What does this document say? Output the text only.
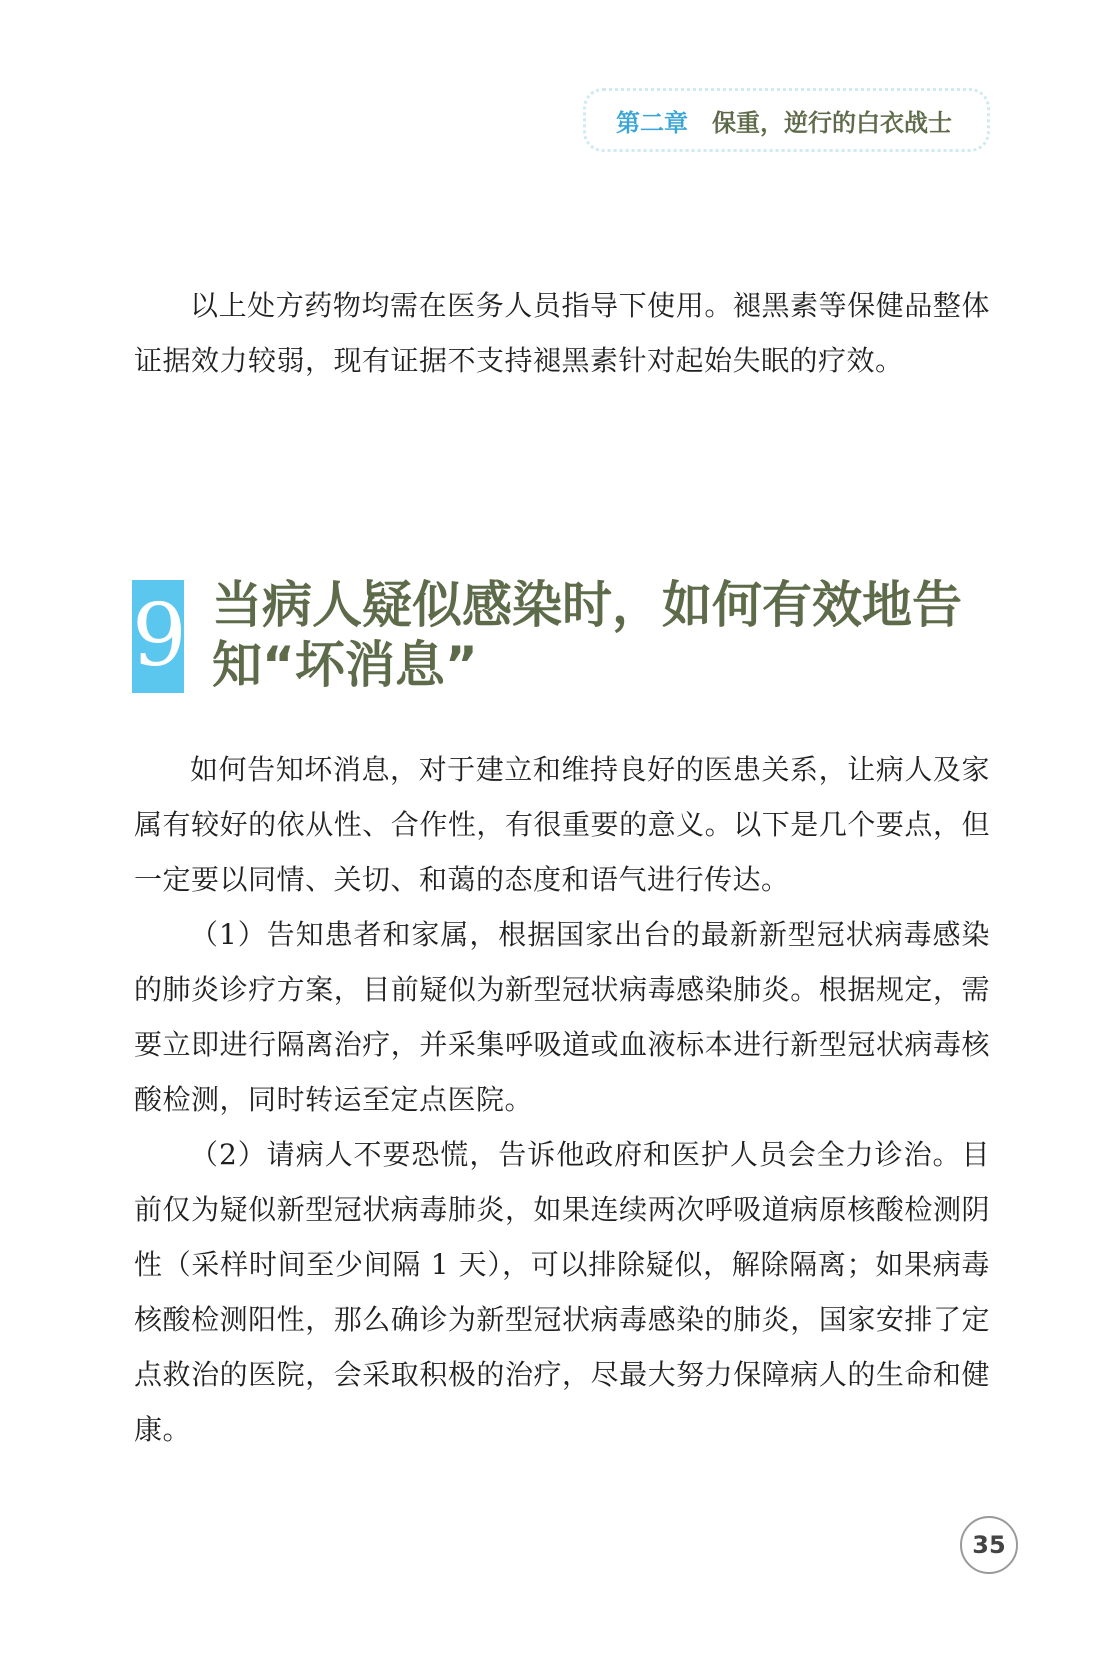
第二章 保重，逆行的白衣战士

以上处方药物均需在医务人员指导下使用。褪黑素等保健品整体证据效力较弱，现有证据不支持褪黑素针对起始失眠的疗效。

9 当病人疑似感染时，如何有效地告知“坏消息”

如何告知坏消息，对于建立和维持良好的医患关系，让病人及家属有较好的依从性、合作性，有很重要的意义。以下是几个要点，但一定要以同情、关切、和蔼的态度和语气进行传达。

（1）告知患者和家属，根据国家出台的最新新型冠状病毒感染的肺炎诊疗方案，目前疑似为新型冠状病毒感染肺炎。根据规定，需要立即进行隔离治疗，并采集呼吸道或血液标本进行新型冠状病毒核酸检测，同时转运至定点医院。

（2）请病人不要恐慌，告诉他政府和医护人员会全力诊治。目前仅为疑似新型冠状病毒肺炎，如果连续两次呼吸道病原核酸检测阴性（采样时间至少间隔 1 天），可以排除疑似，解除隔离；如果病毒核酸检测阳性，那么确诊为新型冠状病毒感染的肺炎，国家安排了定点救治的医院，会采取积极的治疗，尽最大努力保障病人的生命和健康。

35
